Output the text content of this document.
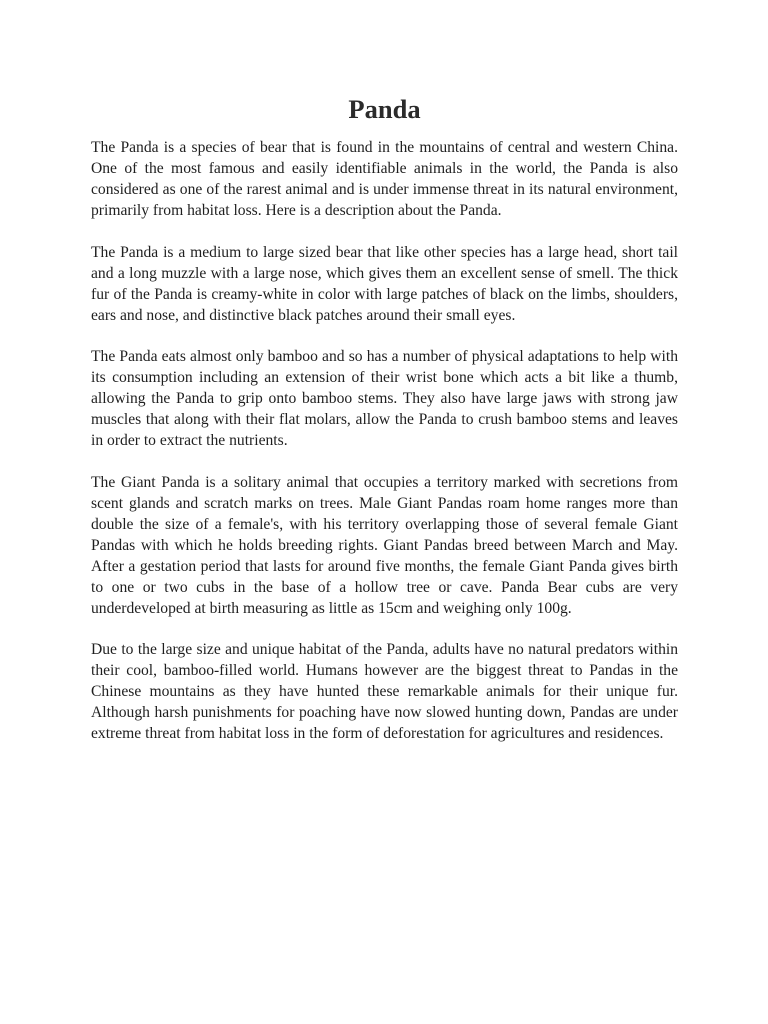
Panda

The Panda is a species of bear that is found in the mountains of central and western China. One of the most famous and easily identifiable animals in the world, the Panda is also considered as one of the rarest animal and is under immense threat in its natural environment, primarily from habitat loss. Here is a description about the Panda.

The Panda is a medium to large sized bear that like other species has a large head, short tail and a long muzzle with a large nose, which gives them an excellent sense of smell. The thick fur of the Panda is creamy-white in color with large patches of black on the limbs, shoulders, ears and nose, and distinctive black patches around their small eyes.

The Panda eats almost only bamboo and so has a number of physical adaptations to help with its consumption including an extension of their wrist bone which acts a bit like a thumb, allowing the Panda to grip onto bamboo stems. They also have large jaws with strong jaw muscles that along with their flat molars, allow the Panda to crush bamboo stems and leaves in order to extract the nutrients.

The Giant Panda is a solitary animal that occupies a territory marked with secretions from scent glands and scratch marks on trees. Male Giant Pandas roam home ranges more than double the size of a female's, with his territory overlapping those of several female Giant Pandas with which he holds breeding rights. Giant Pandas breed between March and May. After a gestation period that lasts for around five months, the female Giant Panda gives birth to one or two cubs in the base of a hollow tree or cave. Panda Bear cubs are very underdeveloped at birth measuring as little as 15cm and weighing only 100g.

Due to the large size and unique habitat of the Panda, adults have no natural predators within their cool, bamboo-filled world. Humans however are the biggest threat to Pandas in the Chinese mountains as they have hunted these remarkable animals for their unique fur. Although harsh punishments for poaching have now slowed hunting down, Pandas are under extreme threat from habitat loss in the form of deforestation for agricultures and residences.
